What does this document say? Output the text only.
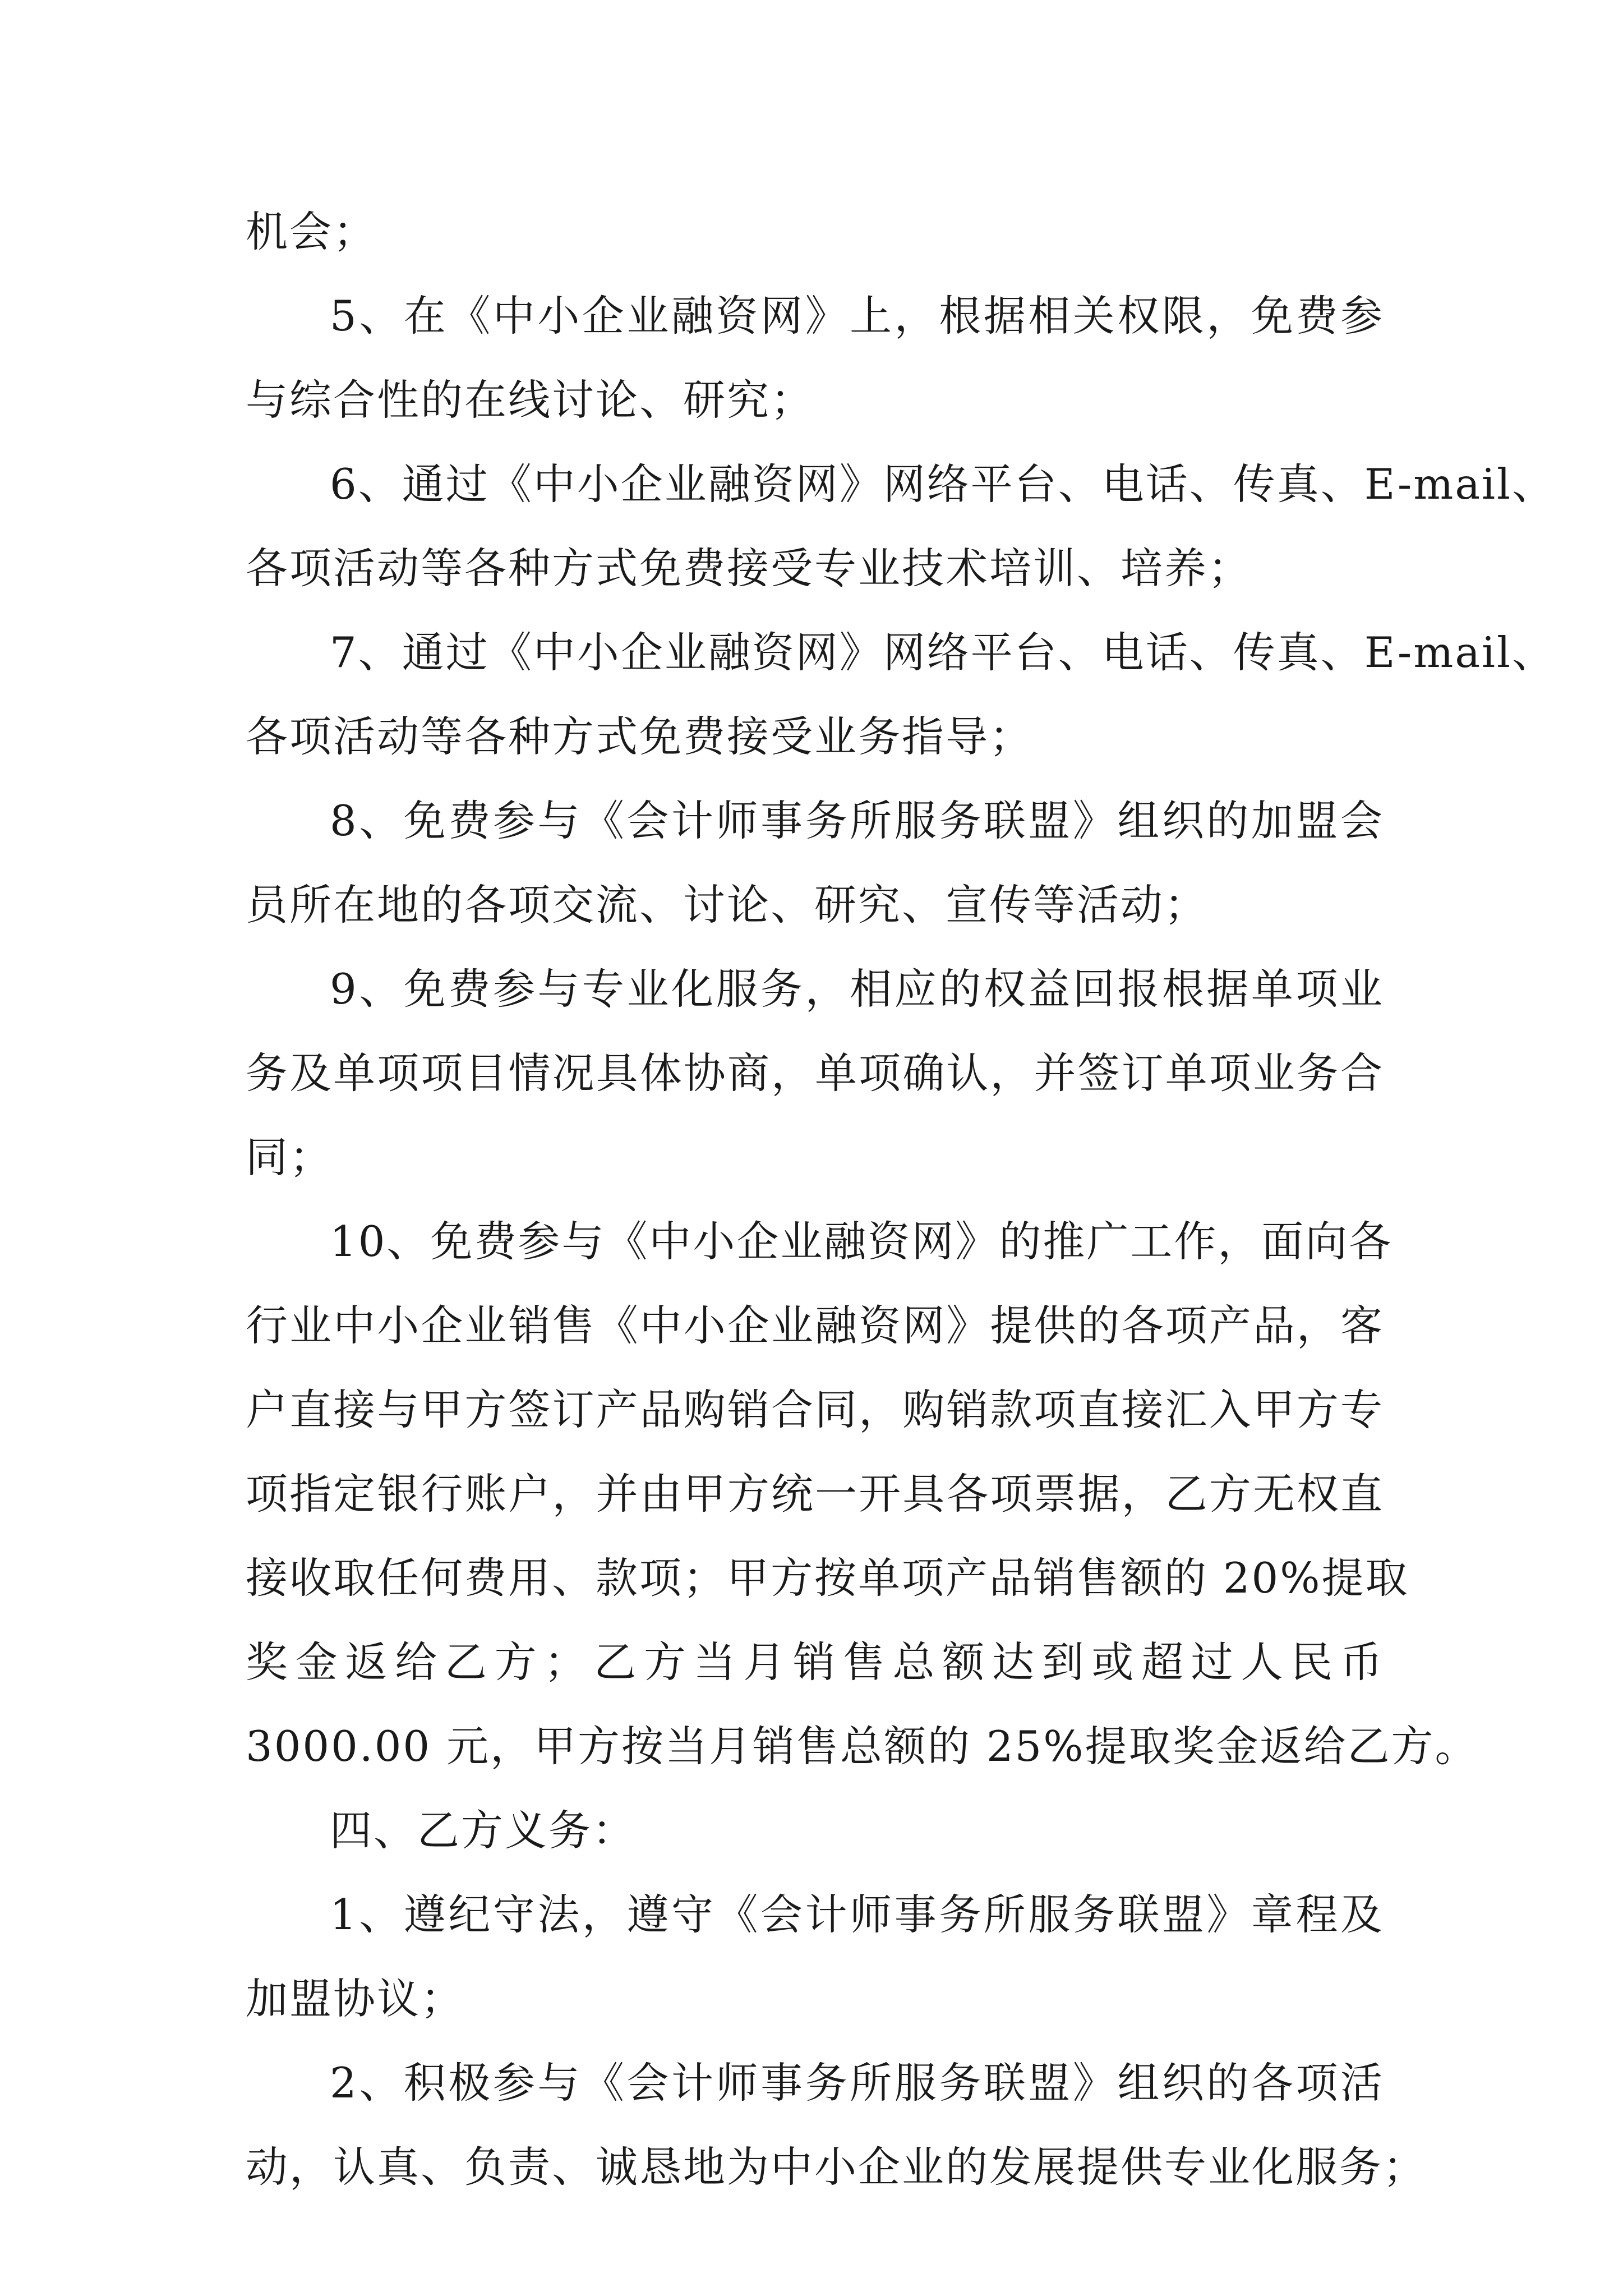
机会；
5、在《中小企业融资网》上，根据相关权限，免费参
与综合性的在线讨论、研究；
6、通过《中小企业融资网》网络平台、电话、传真、E-mail、
各项活动等各种方式免费接受专业技术培训、培养；
7、通过《中小企业融资网》网络平台、电话、传真、E-mail、
各项活动等各种方式免费接受业务指导；
8、免费参与《会计师事务所服务联盟》组织的加盟会
员所在地的各项交流、讨论、研究、宣传等活动；
9、免费参与专业化服务，相应的权益回报根据单项业
务及单项项目情况具体协商，单项确认，并签订单项业务合
同；
10、免费参与《中小企业融资网》的推广工作，面向各
行业中小企业销售《中小企业融资网》提供的各项产品，客
户直接与甲方签订产品购销合同，购销款项直接汇入甲方专
项指定银行账户，并由甲方统一开具各项票据，乙方无权直
接收取任何费用、款项；甲方按单项产品销售额的 20%提取
奖金返给乙方；乙方当月销售总额达到或超过人民币
3000.00 元，甲方按当月销售总额的 25%提取奖金返给乙方。
四、乙方义务：
1、遵纪守法，遵守《会计师事务所服务联盟》章程及
加盟协议；
2、积极参与《会计师事务所服务联盟》组织的各项活
动，认真、负责、诚恳地为中小企业的发展提供专业化服务；
